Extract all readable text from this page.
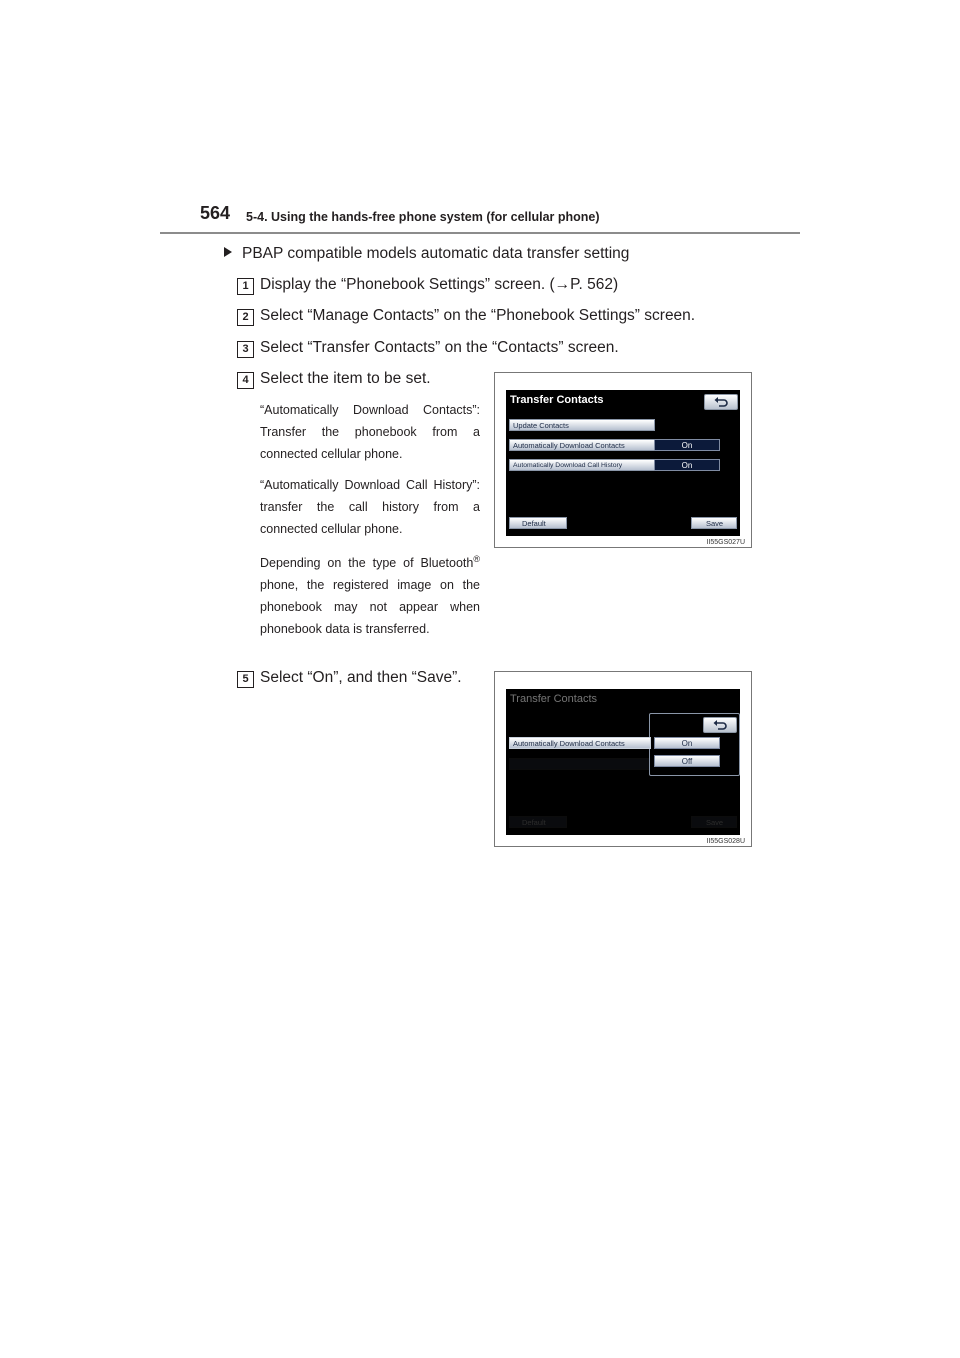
564 5-4. Using the hands-free phone system (for cellular phone)
PBAP compatible models automatic data transfer setting
1 Display the “Phonebook Settings” screen. (→P. 562)
2 Select “Manage Contacts” on the “Phonebook Settings” screen.
3 Select “Transfer Contacts” on the “Contacts” screen.
4 Select the item to be set.
“Automatically Download Contacts”: Transfer the phonebook from a connected cellular phone.
“Automatically Download Call History”: transfer the call history from a connected cellular phone.
Depending on the type of Bluetooth® phone, the registered image on the phonebook may not appear when phonebook data is transferred.
5 Select “On”, and then “Save”.
Transfer Contacts
Update Contacts
Automatically Download Contacts	On
Automatically Download Call History	On
Default	Save
II55GS027U
Transfer Contacts
Default	Save
Automatically Download Contacts	On
Off
II55GS028U
